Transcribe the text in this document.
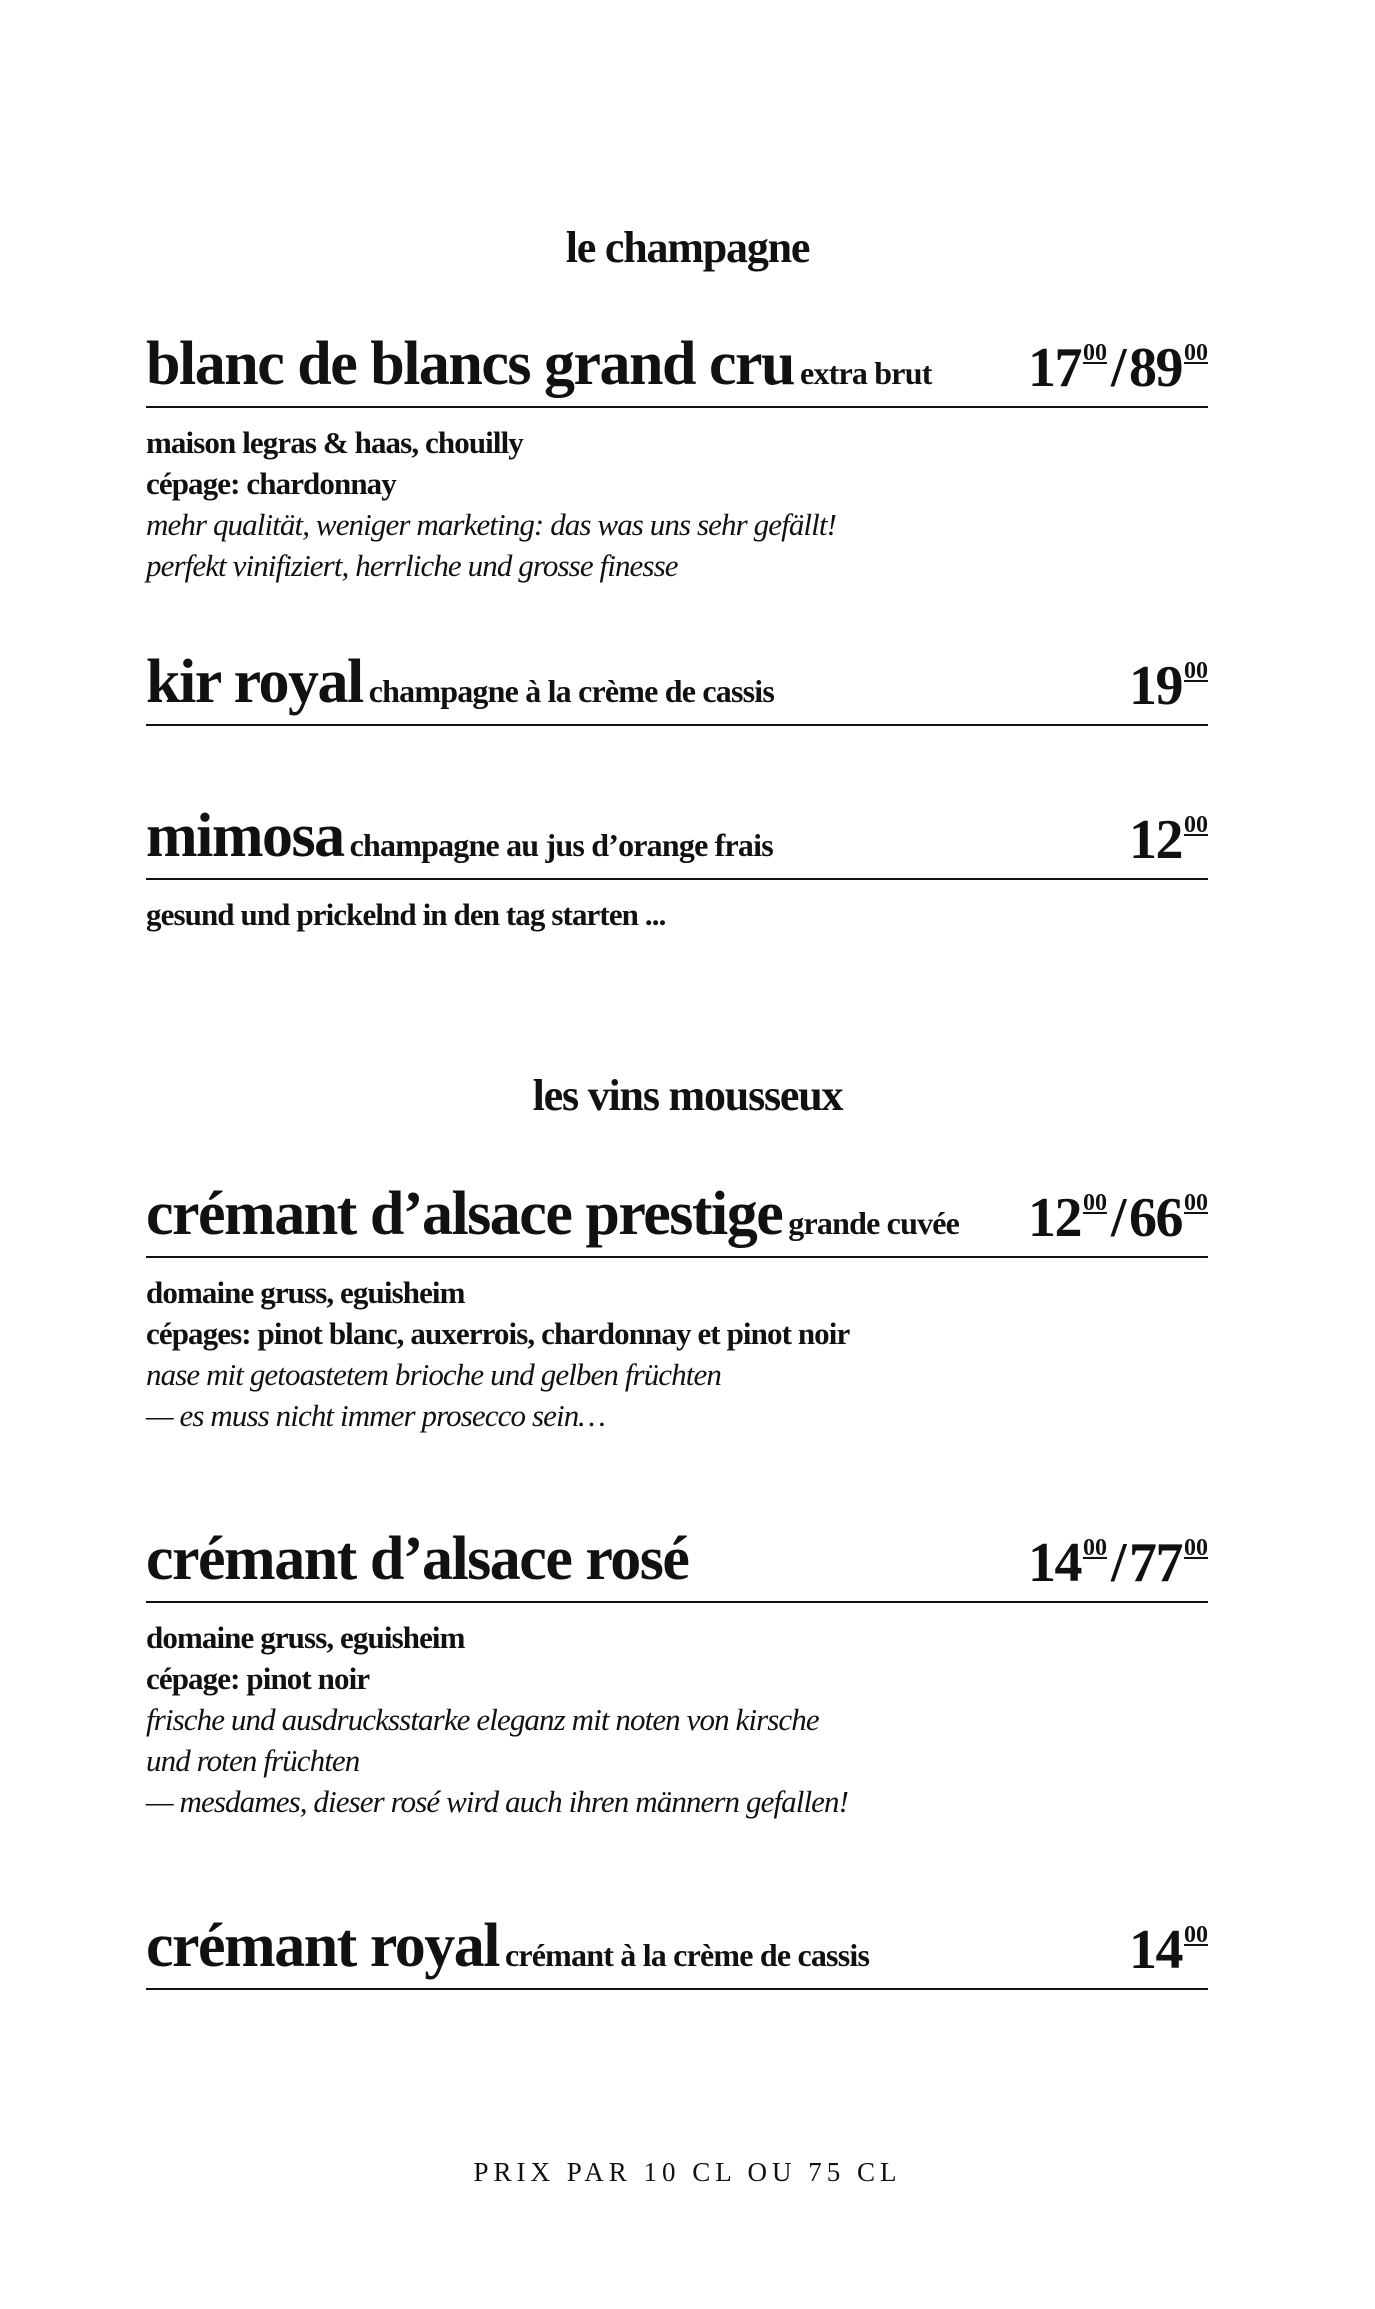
le champagne
les vins mousseux
blanc de blancs grand cru extra brut $17^{00}/89^{00}$
maison legras & haas, chouilly
cépage: chardonnay
mehr qualität, weniger marketing: das was uns sehr gefällt!
perfekt vinifiziert, herrliche und grosse finesse
kir royal champagne à la crème de cassis	$19^{00}$
mimosa champagne au jus d’orange frais	$12^{00}$
gesund und prickelnd in den tag starten ...
crémant d’alsace prestige grande cuvée $12^{00}/66^{00}$
domaine gruss, eguisheim
cépages: pinot blanc, auxerrois, chardonnay et pinot noir
nase mit getoastetem brioche und gelben früchten
— es muss nicht immer prosecco sein…
crémant d’alsace rosé	$14^{00}/77^{00}$
domaine gruss, eguisheim
cépage: pinot noir
frische und ausdrucksstarke eleganz mit noten von kirsche
und roten früchten
— mesdames, dieser rosé wird auch ihren männern gefallen!
crémant royal crémant à la crème de cassis	$14^{00}$
PRIX PAR 10 CL OU 75 CL
